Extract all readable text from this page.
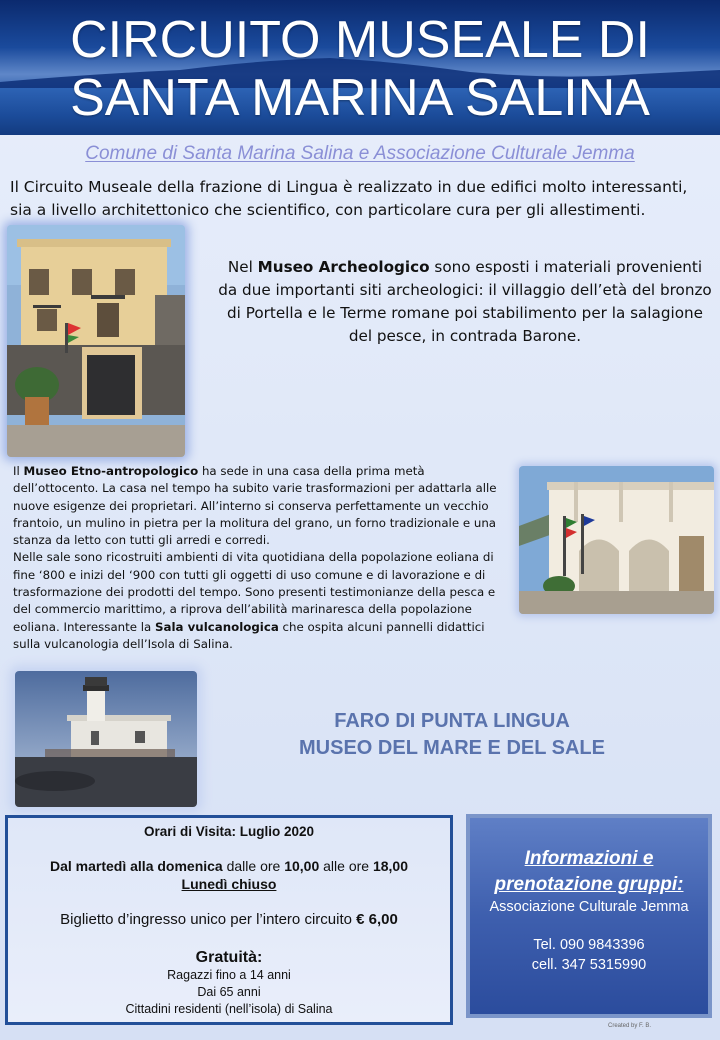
CIRCUITO MUSEALE DI
SANTA MARINA SALINA
Comune di Santa Marina Salina e Associazione Culturale Jemma
Il Circuito Museale della frazione di Lingua è realizzato in due edifici molto interessanti, sia a livello architettonico che scientifico, con particolare cura per gli allestimenti.
Nel Museo Archeologico sono esposti i materiali provenienti da due importanti siti archeologici: il villaggio dell’età del bronzo di Portella e le Terme romane poi stabilimento per la salagione del pesce, in contrada Barone.
Il Museo Etno-antropologico ha sede in una casa della prima metà dell’ottocento. La casa nel tempo ha subito varie trasformazioni per adattarla alle nuove esigenze dei proprietari. All’interno si conserva perfettamente un vecchio frantoio, un mulino in pietra per la molitura del grano, un forno tradizionale e una stanza da letto con tutti gli arredi e corredi.
Nelle sale sono ricostruiti ambienti di vita quotidiana della popolazione eoliana di fine ‘800 e inizi del ‘900 con tutti gli oggetti di uso comune e di lavorazione e di trasformazione dei prodotti del tempo. Sono presenti testimonianze della pesca e del commercio marittimo, a riprova dell’abilità marinaresca della popolazione eoliana. Interessante la Sala vulcanologica che ospita alcuni pannelli didattici sulla vulcanologia dell’Isola di Salina.
FARO DI PUNTA LINGUA
MUSEO DEL MARE E DEL SALE
Orari di Visita: Luglio 2020
Dal martedì alla domenica dalle ore 10,00 alle ore 18,00
Lunedì chiuso
Biglietto d’ingresso unico per l’intero circuito € 6,00
Gratuità:
Ragazzi fino a 14 anni
Dai 65 anni
Cittadini residenti (nell’isola) di Salina
Informazioni e
prenotazione gruppi:
Associazione Culturale Jemma
Tel. 090 9843396
cell. 347 5315990
Created by F. B.
